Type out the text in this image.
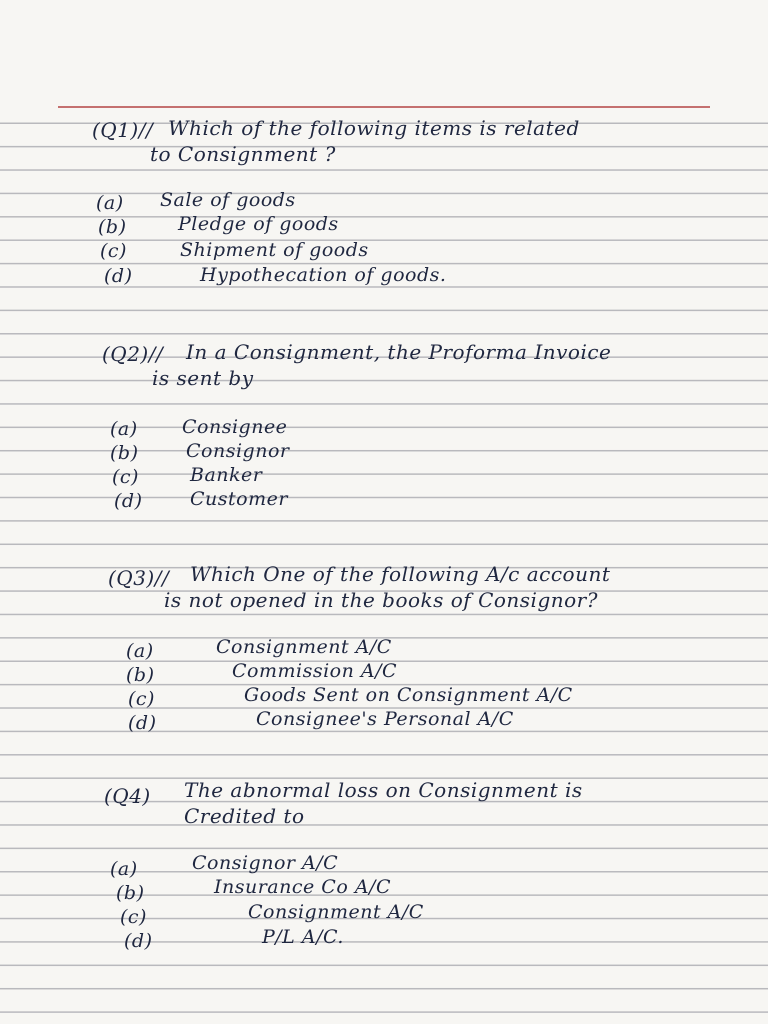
(Q1)// Which of the following items is related
to Consignment ?
(a) Sale of goods
(b)	Pledge of goods
(c)	Shipment of goods
(d)	Hypothecation of goods.
(Q2)// In a Consignment, the Proforma Invoice
is sent by
(a) Consignee
(b)	Consignor
(c)	Banker
(d)	Customer
(Q3)// Which One of the following A/c account
is not opened in the books of Consignor?
(a)	Consignment A/C
(b)	Commission A/C
(c)	Goods Sent on Consignment A/C
(d)	Consignee's Personal A/C
(Q4) The abnormal loss on Consignment is
Credited to
(a)	Consignor A/C
(b)	Insurance Co A/C
(c)	Consignment A/C
(d)	P/L A/C.
